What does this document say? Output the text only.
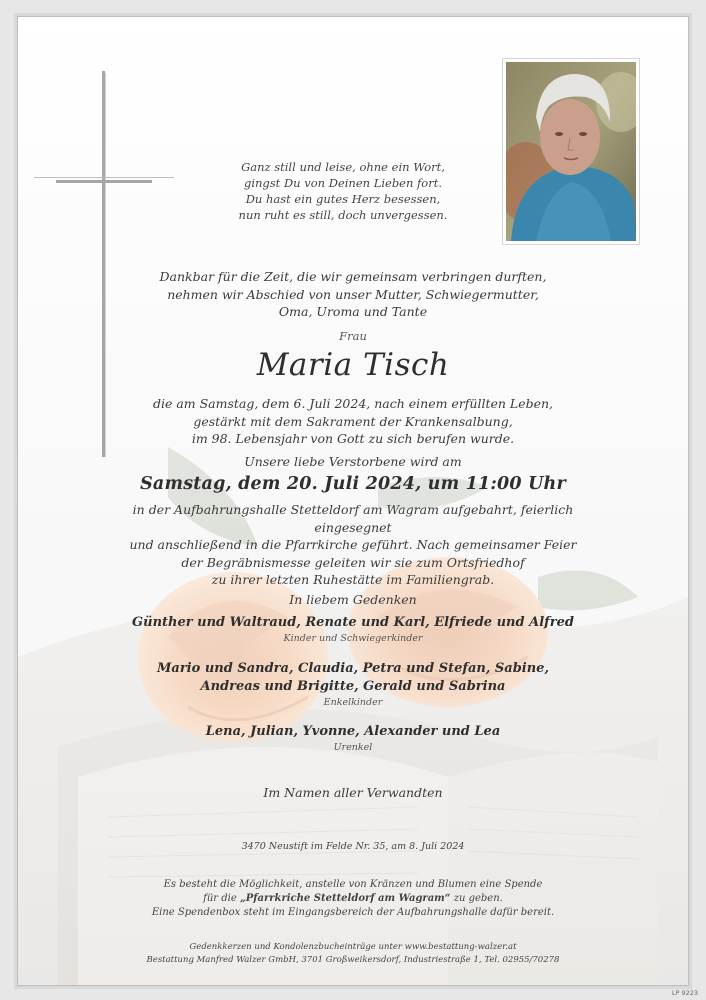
Ganz still und leise, ohne ein Wort,
gingst Du von Deinen Lieben fort.
Du hast ein gutes Herz besessen,
nun ruht es still, doch unvergessen.
Dankbar für die Zeit, die wir gemeinsam verbringen durften,
nehmen wir Abschied von unser Mutter, Schwiegermutter,
Oma, Uroma und Tante
Frau
Maria Tisch
die am Samstag, dem 6. Juli 2024, nach einem erfüllten Leben,
gestärkt mit dem Sakrament der Krankensalbung,
im 98. Lebensjahr von Gott zu sich berufen wurde.
Unsere liebe Verstorbene wird am
Samstag, dem 20. Juli 2024, um 11:00 Uhr
in der Aufbahrungshalle Stetteldorf am Wagram aufgebahrt, feierlich eingesegnet
und anschließend in die Pfarrkirche geführt. Nach gemeinsamer Feier
der Begräbnismesse geleiten wir sie zum Ortsfriedhof
zu ihrer letzten Ruhestätte im Familiengrab.
In liebem Gedenken
Günther und Waltraud, Renate und Karl, Elfriede und Alfred
Kinder und Schwiegerkinder
Mario und Sandra, Claudia, Petra und Stefan, Sabine,
Andreas und Brigitte, Gerald und Sabrina
Enkelkinder
Lena, Julian, Yvonne, Alexander und Lea
Urenkel
Im Namen aller Verwandten
3470 Neustift im Felde Nr. 35, am 8. Juli 2024
Es besteht die Möglichkeit, anstelle von Kränzen und Blumen eine Spende
für die „Pfarrkriche Stetteldorf am Wagram“ zu geben.
Eine Spendenbox steht im Eingangsbereich der Aufbahrungshalle dafür bereit.
Gedenkkerzen und Kondolenzbucheinträge unter www.bestattung-walzer.at
Bestattung Manfred Walzer GmbH, 3701 Großweikersdorf, Industriestraße 1, Tel. 02955/70278
LP 9223
